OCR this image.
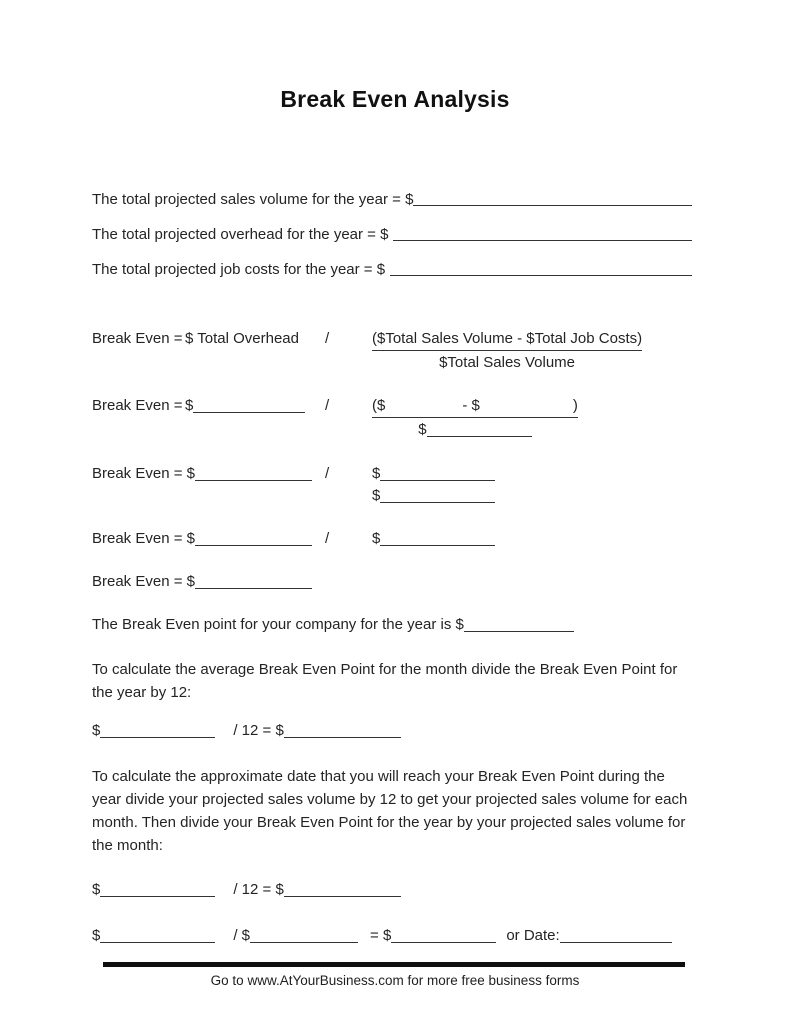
Break Even Analysis
The total projected sales volume for the year = $
The total projected overhead for the year = $
The total projected job costs for the year = $
Break Even = $ Total Overhead	/	$\frac{\text{(\$Total Sales Volume - \$Total Job Costs)}}{\text{\$Total Sales Volume}}$
Break Even = $	/	($	- $	)
$
Break Even = $	/	$
$
Break Even = $	/	$
Break Even = $
The Break Even point for your company for the year is $

To calculate the average Break Even Point for the month divide the Break Even Point for the year by 12:

$	/ 12 = $

To calculate the approximate date that you will reach your Break Even Point during the year divide your projected sales volume by 12 to get your projected sales volume for each month. Then divide your Break Even Point for the year by your projected sales volume for the month:

$	/ 12 = $
$	/ $	= $	or Date:
Go to www.AtYourBusiness.com for more free business forms
